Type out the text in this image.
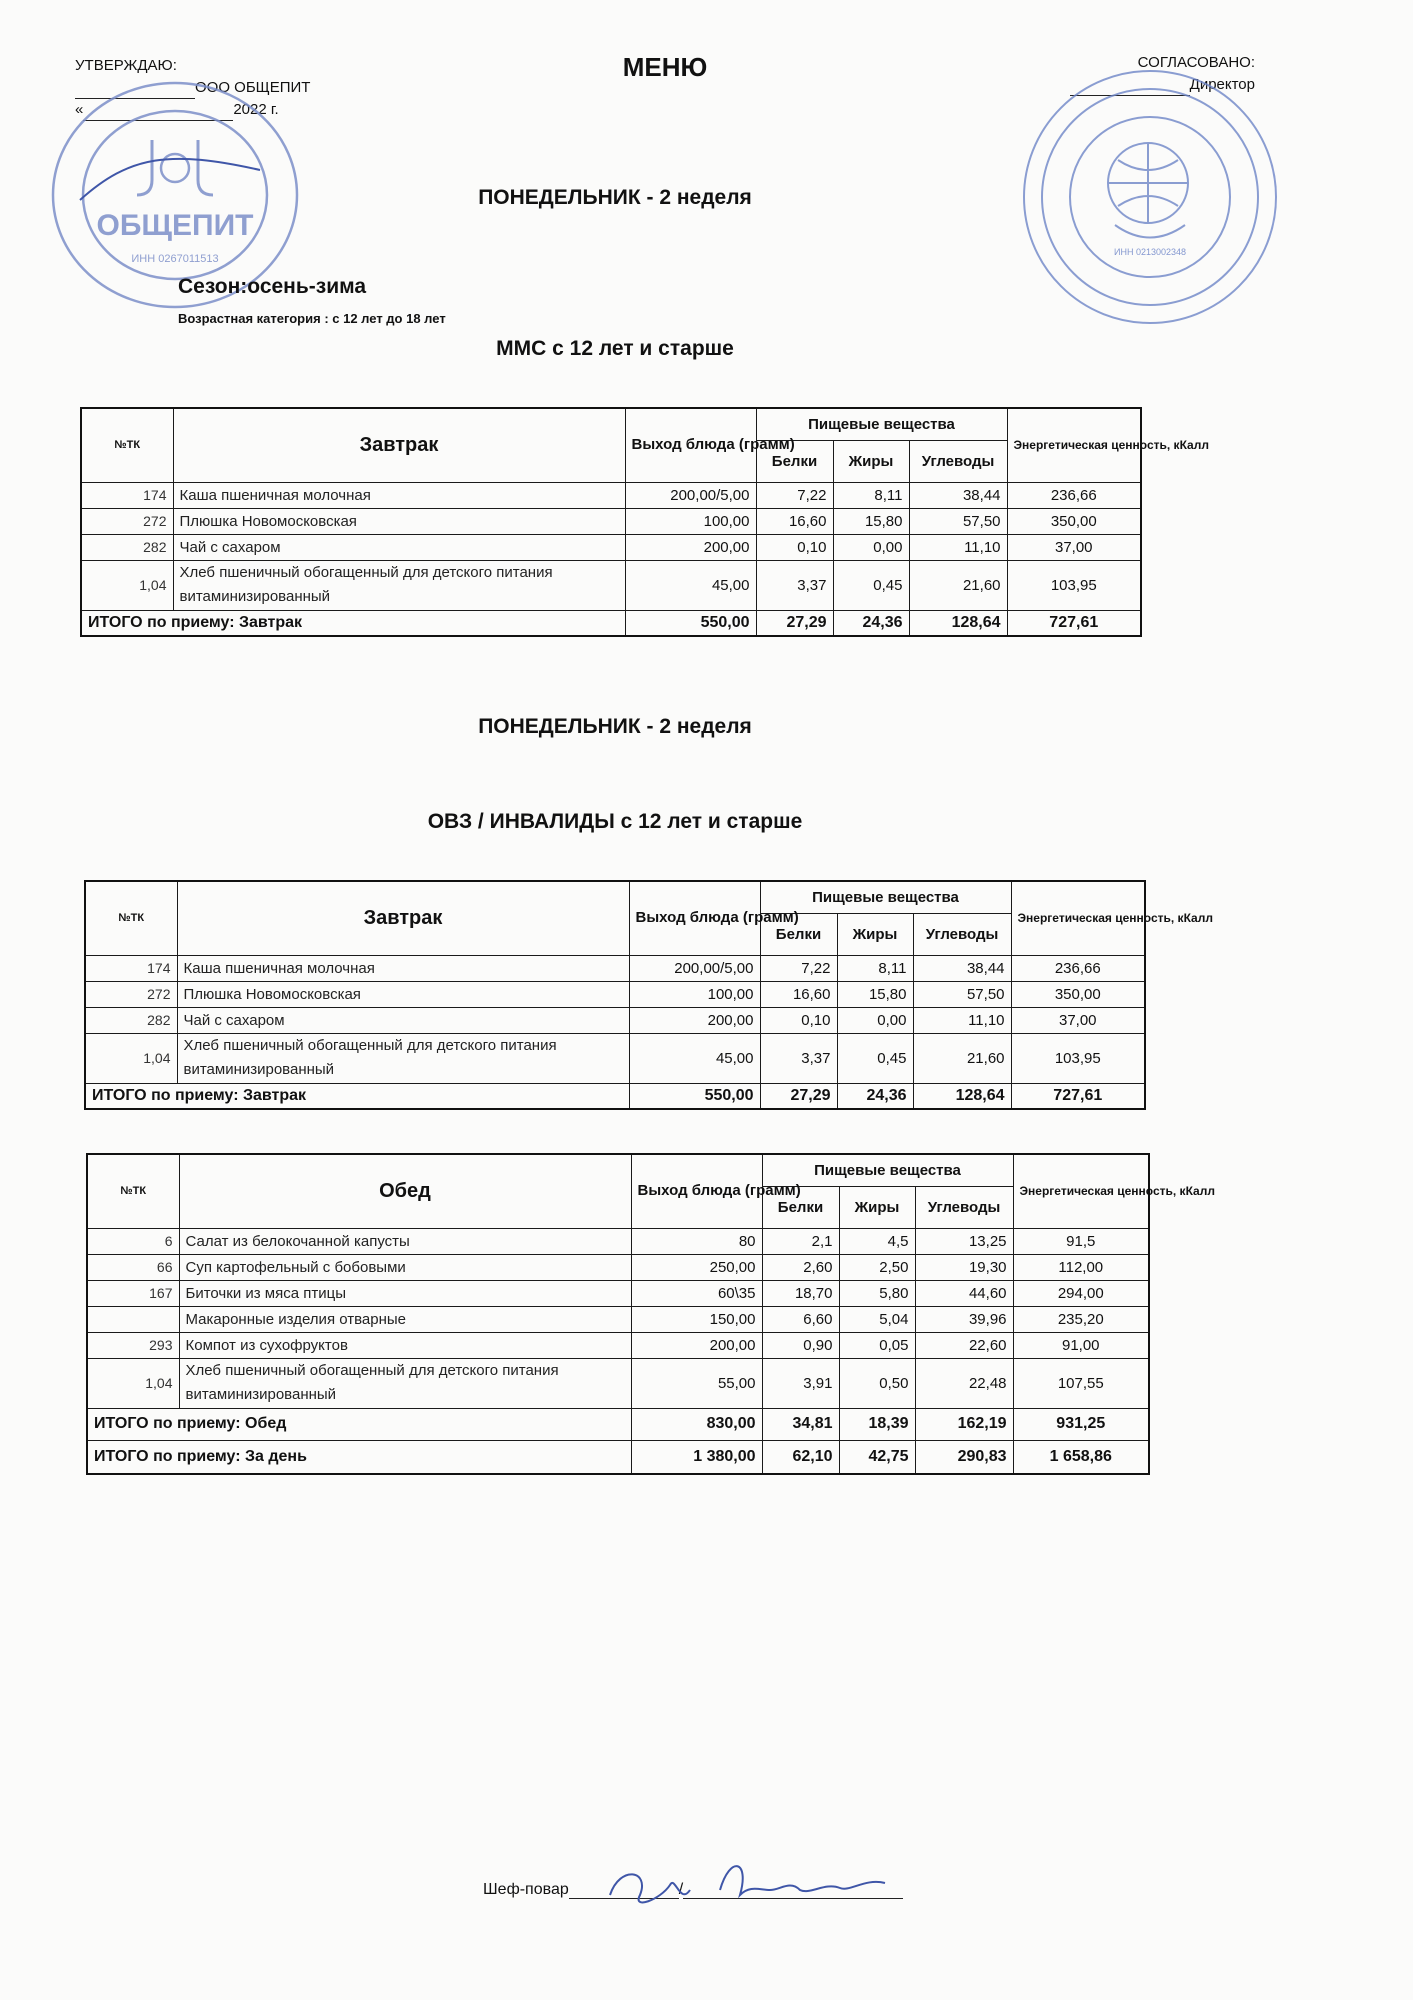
УТВЕРЖДАЮ:
ООО ОБЩЕПИТ
«	2022 г.
МЕНЮ	СОГЛАСОВАНО:
Директор
ОБЩЕПИТ
ИНН 0267011513
ИНН 0213002348
ПОНЕДЕЛЬНИК - 2 неделя
Сезон:осень-зима
Возрастная категория : с 12 лет до 18 лет
ММС с 12 лет и старше
№ТК	Завтрак	Выход блюда (грамм)	Пищевые вещества			Энергетическая ценность, кКалл
			Белки	Жиры	Углеводы	
174	Каша пшеничная молочная	200,00/5,00	7,22	8,11	38,44	236,66
272	Плюшка Новомосковская	100,00	16,60	15,80	57,50	350,00
282	Чай с сахаром	200,00	0,10	0,00	11,10	37,00
1,04	Хлеб пшеничный обогащенный для детского питания витаминизированный	45,00	3,37	0,45	21,60	103,95
ИТОГО по приему: Завтрак		550,00	27,29	24,36	128,64	727,61
ПОНЕДЕЛЬНИК - 2 неделя
ОВЗ / ИНВАЛИДЫ с 12 лет и старше
№ТК	Завтрак	Выход блюда (грамм)	Пищевые вещества			Энергетическая ценность, кКалл
			Белки	Жиры	Углеводы	
174	Каша пшеничная молочная	200,00/5,00	7,22	8,11	38,44	236,66
272	Плюшка Новомосковская	100,00	16,60	15,80	57,50	350,00
282	Чай с сахаром	200,00	0,10	0,00	11,10	37,00
1,04	Хлеб пшеничный обогащенный для детского питания витаминизированный	45,00	3,37	0,45	21,60	103,95
ИТОГО по приему: Завтрак		550,00	27,29	24,36	128,64	727,61
№ТК	Обед	Выход блюда (грамм)	Пищевые вещества			Энергетическая ценность, кКалл
			Белки	Жиры	Углеводы	
6	Салат из белокочанной капусты	80	2,1	4,5	13,25	91,5
66	Суп картофельный с бобовыми	250,00	2,60	2,50	19,30	112,00
167	Биточки из мяса птицы	60\35	18,70	5,80	44,60	294,00
	Макаронные изделия отварные	150,00	6,60	5,04	39,96	235,20
293	Компот из сухофруктов	200,00	0,90	0,05	22,60	91,00
1,04	Хлеб пшеничный обогащенный для детского питания витаминизированный	55,00	3,91	0,50	22,48	107,55
ИТОГО по приему: Обед		830,00	34,81	18,39	162,19	931,25
ИТОГО по приему: За день		1 380,00	62,10	42,75	290,83	1 658,86
Шеф-повар	/
